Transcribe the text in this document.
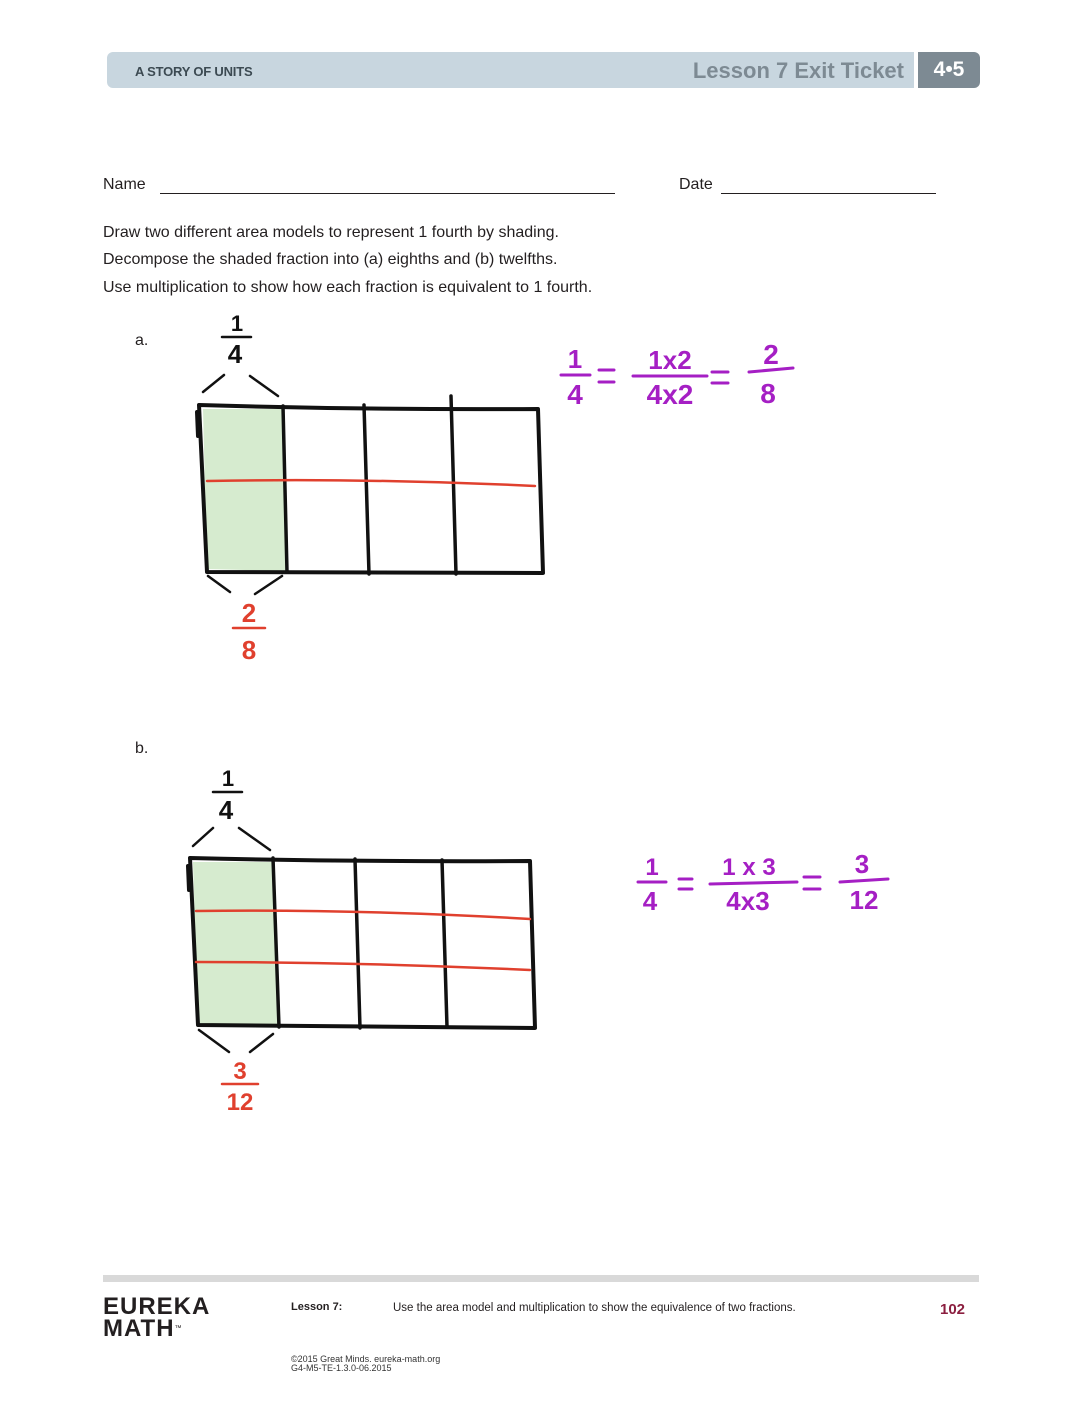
A STORY OF UNITS	Lesson 7 Exit Ticket	4•5
Name	Date
Draw two different area models to represent 1 fourth by shading.
Decompose the shaded fraction into (a) eighths and (b) twelfths.
Use multiplication to show how each fraction is equivalent to 1 fourth.
a.
b.
1
4
2
8
1
4
1x2
4x2
2
8
1
4
3
12
1
4
1 x 3
4x3
3
12
EUREKA
MATH™
Lesson 7:	Use the area model and multiplication to show the equivalence of two fractions.	102
©2015 Great Minds. eureka-math.org
G4-M5-TE-1.3.0-06.2015
